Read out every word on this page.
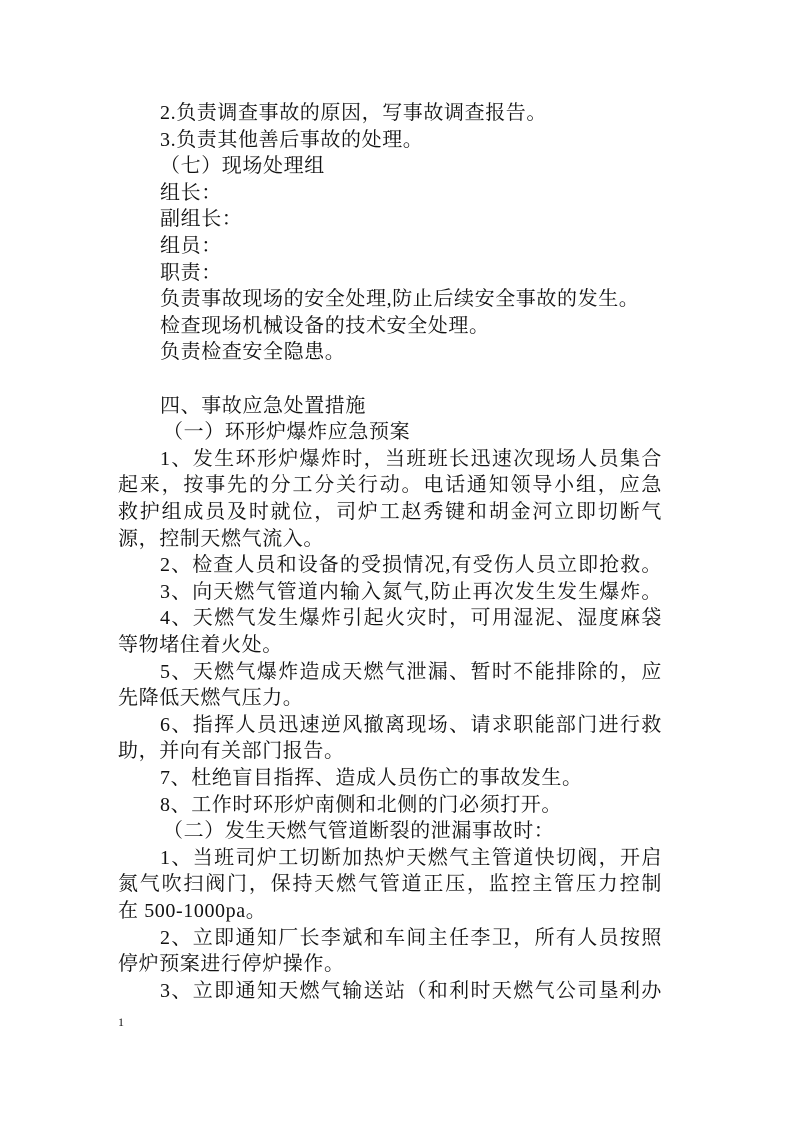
2.负责调查事故的原因，写事故调查报告。
3.负责其他善后事故的处理。
（七）现场处理组
组长：
副组长：
组员：
职责：
负责事故现场的安全处理,防止后续安全事故的发生。
检查现场机械设备的技术安全处理。
负责检查安全隐患。
四、事故应急处置措施
（一）环形炉爆炸应急预案
1、发生环形炉爆炸时，当班班长迅速次现场人员集合
起来，按事先的分工分关行动。电话通知领导小组，应急
救护组成员及时就位，司炉工赵秀键和胡金河立即切断气
源，控制天燃气流入。
2、检查人员和设备的受损情况,有受伤人员立即抢救。
3、向天燃气管道内输入氮气,防止再次发生发生爆炸。
4、天燃气发生爆炸引起火灾时，可用湿泥、湿度麻袋
等物堵住着火处。
5、天燃气爆炸造成天燃气泄漏、暂时不能排除的，应
先降低天燃气压力。
6、指挥人员迅速逆风撤离现场、请求职能部门进行救
助，并向有关部门报告。
7、杜绝盲目指挥、造成人员伤亡的事故发生。
8、工作时环形炉南侧和北侧的门必须打开。
（二）发生天燃气管道断裂的泄漏事故时：
1、当班司炉工切断加热炉天燃气主管道快切阀，开启
氮气吹扫阀门，保持天燃气管道正压，监控主管压力控制
在 500-1000pa。
2、立即通知厂长李斌和车间主任李卫，所有人员按照
停炉预案进行停炉操作。
3、立即通知天燃气输送站（和利时天燃气公司垦利办
1
